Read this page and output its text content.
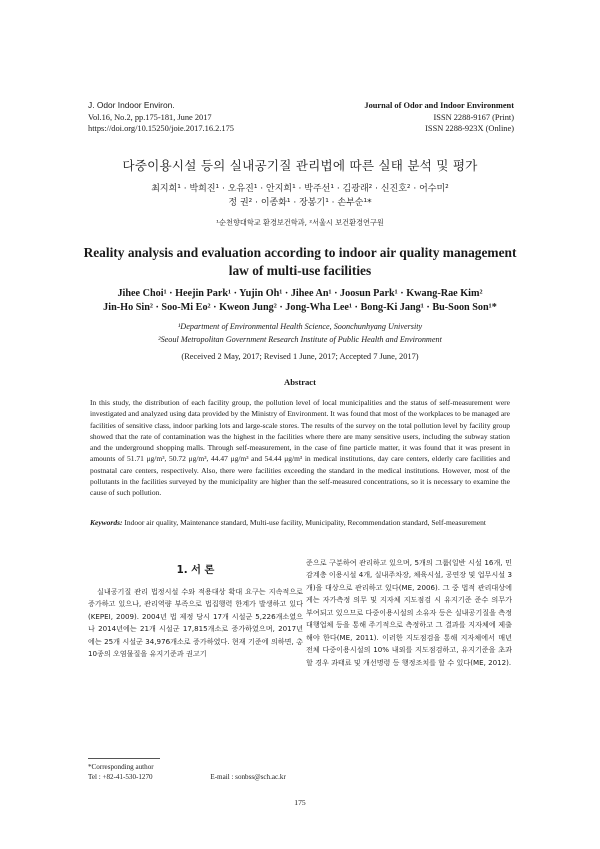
J. Odor Indoor Environ.
Vol.16, No.2, pp.175-181, June 2017
https://doi.org/10.15250/joie.2017.16.2.175
Journal of Odor and Indoor Environment
ISSN 2288-9167 (Print)
ISSN 2288-923X (Online)
다중이용시설 등의 실내공기질 관리법에 따른 실태 분석 및 평가
최지희¹ · 박희진¹ · 오유진¹ · 안지희¹ · 박주선¹ · 김광래² · 신진호² · 어수미²
정 권² · 이종화¹ · 장봉기¹ · 손부순¹*
¹순천향대학교 환경보건학과, ²서울시 보건환경연구원
Reality analysis and evaluation according to indoor air quality management
law of multi-use facilities
Jihee Choi¹ · Heejin Park¹ · Yujin Oh¹ · Jihee An¹ · Joosun Park¹ · Kwang-Rae Kim²
Jin-Ho Sin² · Soo-Mi Eo² · Kweon Jung² · Jong-Wha Lee¹ · Bong-Ki Jang¹ · Bu-Soon Son¹*
¹Department of Environmental Health Science, Soonchunhyang University
²Seoul Metropolitan Government Research Institute of Public Health and Environment
(Received 2 May, 2017; Revised 1 June, 2017; Accepted 7 June, 2017)
Abstract

In this study, the distribution of each facility group, the pollution level of local municipalities and the status of self-measurement were investigated and analyzed using data provided by the Ministry of Environment. It was found that most of the workplaces to be managed are facilities of sensitive class, indoor parking lots and large-scale stores. The results of the survey on the total pollution level by facility group showed that the rate of contamination was the highest in the facilities where there are many sensitive users, including the subway station and the underground shopping malls. Through self-measurement, in the case of fine particle matter, it was found that it was present in amounts of 51.71 μg/m³, 50.72 μg/m³, 44.47 μg/m³ and 54.44 μg/m³ in medical institutions, day care centers, elderly care facilities and postnatal care centers, respectively. Also, there were facilities exceeding the standard in the medical institutions. However, most of the pollutants in the facilities surveyed by the municipality are higher than the self-measured concentrations, so it is necessary to examine the cause of such pollution.

Keywords: Indoor air quality, Maintenance standard, Multi-use facility, Municipality, Recommendation standard, Self-measurement

1. 서 론

실내공기질 관리 법정시설 수와 적용대상 확대 요구는 지속적으로 증가하고 있으나, 관리역량 부족으로 법집행력 한계가 발생하고 있다(KEPEI, 2009). 2004년 법 제정 당시 17개 시설군 5,226개소였으나 2014년에는 21개 시설군 17,815개소로 증가하였으며, 2017년에는 25개 시설군 34,976개소로 증가하였다. 현재 기준에 의하면, 총 10종의 오염물질을 유지기준과 권고기

준으로 구분하여 관리하고 있으며, 5개의 그룹(일반 시설 16개, 민감계층 이용시설 4개, 실내주차장, 체육시설, 공연장 및 업무시설 3개)을 대상으로 관리하고 있다(ME, 2006). 그 중 법적 관리대상에게는 자가측정 의무 및 지자체 지도점검 시 유지기준 준수 의무가 부여되고 있으므로 다중이용시설의 소유자 등은 실내공기질을 측정대행업체 등을 통해 주기적으로 측정하고 그 결과를 지자체에 제출해야 한다(ME, 2011). 이러한 지도점검을 통해 지자체에서 매년 전체 다중이용시설의 10% 내외를 지도점검하고, 유지기준을 초과할 경우 과태료 및 개선명령 등 행정조치를 할 수 있다(ME, 2012).

*Corresponding author
Tel : +82-41-530-1270	E-mail : sonbss@sch.ac.kr
175
